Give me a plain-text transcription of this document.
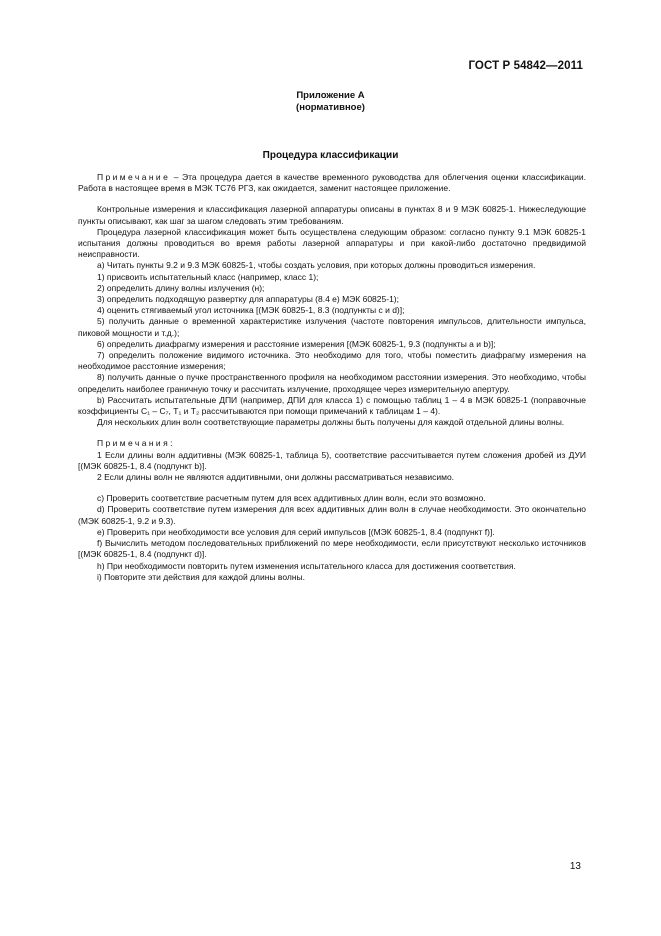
ГОСТ Р 54842—2011
Приложение А
(нормативное)
Процедура классификации

Примечание – Эта процедура дается в качестве временного руководства для облегчения оценки классификации. Работа в настоящее время в МЭК ТС76 РГЗ, как ожидается, заменит настоящее приложение.

Контрольные измерения и классификация лазерной аппаратуры описаны в пунктах 8 и 9 МЭК 60825-1. Нижеследующие пункты описывают, как шаг за шагом следовать этим требованиям.

Процедура лазерной классификация может быть осуществлена следующим образом: согласно пункту 9.1 МЭК 60825-1 испытания должны проводиться во время работы лазерной аппаратуры и при какой-либо достаточно предвидимой неисправности.

a) Читать пункты 9.2 и 9.3 МЭК 60825-1, чтобы создать условия, при которых должны проводиться измерения.

1) присвоить испытательный класс (например, класс 1);

2) определить длину волны излучения (н);

3) определить подходящую развертку для аппаратуры (8.4 е) МЭК 60825-1);

4) оценить стягиваемый угол источника [(МЭК 60825-1, 8.3 (подпункты с и d)];

5) получить данные о временной характеристике излучения (частоте повторения импульсов, длительности импульса, пиковой мощности и т.д.);

6) определить диафрагму измерения и расстояние измерения [(МЭК 60825-1, 9.3 (подпункты а и b)];

7) определить положение видимого источника. Это необходимо для того, чтобы поместить диафрагму измерения на необходимое расстояние измерения;

8) получить данные о пучке пространственного профиля на необходимом расстоянии измерения. Это необходимо, чтобы определить наиболее граничную точку и рассчитать излучение, проходящее через измерительную апертуру.

b) Рассчитать испытательные ДПИ (например, ДПИ для класса 1) с помощью таблиц 1 – 4 в МЭК 60825-1 (поправочные коэффициенты С₁ – С₇, Т₁ и Т₂ рассчитываются при помощи примечаний к таблицам 1 – 4).

Для нескольких длин волн соответствующие параметры должны быть получены для каждой отдельной длины волны.

Примечания:

1 Если длины волн аддитивны (МЭК 60825-1, таблица 5), соответствие рассчитывается путем сложения дробей из ДУИ [(МЭК 60825-1, 8.4 (подпункт b)].

2 Если длины волн не являются аддитивными, они должны рассматриваться независимо.

c) Проверить соответствие расчетным путем для всех аддитивных длин волн, если это возможно.

d) Проверить соответствие путем измерения для всех аддитивных длин волн в случае необходимости. Это окончательно (МЭК 60825-1, 9.2 и 9.3).

e) Проверить при необходимости все условия для серий импульсов [(МЭК 60825-1, 8.4 (подпункт f)].

f) Вычислить методом последовательных приближений по мере необходимости, если присутствуют несколько источников [(МЭК 60825-1, 8.4 (подпункт d)].

h) При необходимости повторить путем изменения испытательного класса для достижения соответствия.

i) Повторите эти действия для каждой длины волны.

13
